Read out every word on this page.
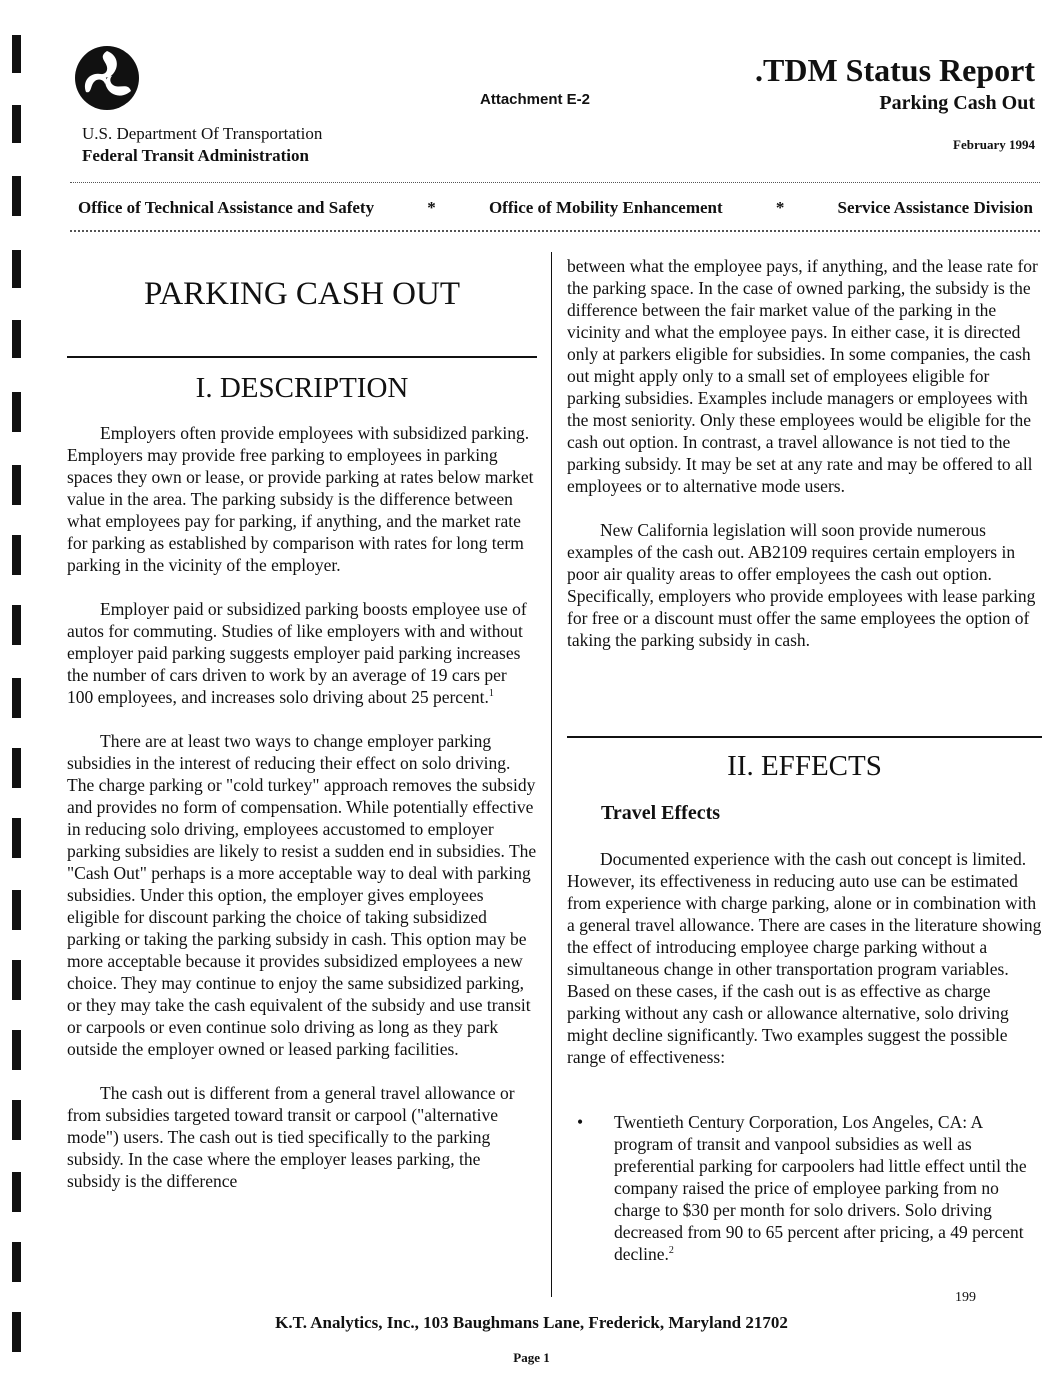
U.S. Department Of Transportation
Federal Transit Administration
Attachment E-2
.TDM Status Report
Parking Cash Out
February 1994
Office of Technical Assistance and Safety	*	Office of Mobility Enhancement	*	Service Assistance Division
PARKING CASH OUT
I. DESCRIPTION

Employers often provide employees with subsidized parking. Employers may provide free parking to employees in parking spaces they own or lease, or provide parking at rates below market value in the area. The parking subsidy is the difference between what employees pay for parking, if anything, and the market rate for parking as established by comparison with rates for long term parking in the vicinity of the employer.

Employer paid or subsidized parking boosts employee use of autos for commuting. Studies of like employers with and without employer paid parking suggests employer paid parking increases the number of cars driven to work by an average of 19 cars per 100 employees, and increases solo driving about 25 percent.$^1$

There are at least two ways to change employer parking subsidies in the interest of reducing their effect on solo driving. The charge parking or "cold turkey" approach removes the subsidy and provides no form of compensation. While potentially effective in reducing solo driving, employees accustomed to employer parking subsidies are likely to resist a sudden end in subsidies. The "Cash Out" perhaps is a more acceptable way to deal with parking subsidies. Under this option, the employer gives employees eligible for discount parking the choice of taking subsidized parking or taking the parking subsidy in cash. This option may be more acceptable because it provides subsidized employees a new choice. They may continue to enjoy the same subsidized parking, or they may take the cash equivalent of the subsidy and use transit or carpools or even continue solo driving as long as they park outside the employer owned or leased parking facilities.

The cash out is different from a general travel allowance or from subsidies targeted toward transit or carpool ("alternative mode") users. The cash out is tied specifically to the parking subsidy. In the case where the employer leases parking, the subsidy is the difference

between what the employee pays, if anything, and the lease rate for the parking space. In the case of owned parking, the subsidy is the difference between the fair market value of the parking in the vicinity and what the employee pays. In either case, it is directed only at parkers eligible for subsidies. In some companies, the cash out might apply only to a small set of employees eligible for parking subsidies. Examples include managers or employees with the most seniority. Only these employees would be eligible for the cash out option. In contrast, a travel allowance is not tied to the parking subsidy. It may be set at any rate and may be offered to all employees or to alternative mode users.

New California legislation will soon provide numerous examples of the cash out. AB2109 requires certain employers in poor air quality areas to offer employees the cash out option. Specifically, employers who provide employees with lease parking for free or a discount must offer the same employees the option of taking the parking subsidy in cash.

II. EFFECTS
Travel Effects

Documented experience with the cash out concept is limited. However, its effectiveness in reducing auto use can be estimated from experience with charge parking, alone or in combination with a general travel allowance. There are cases in the literature showing the effect of introducing employee charge parking without a simultaneous change in other transportation program variables. Based on these cases, if the cash out is as effective as charge parking without any cash or allowance alternative, solo driving might decline significantly. Two examples suggest the possible range of effectiveness:

• Twentieth Century Corporation, Los Angeles, CA: A program of transit and vanpool subsidies as well as preferential parking for carpoolers had little effect until the company raised the price of employee parking from no charge to $30 per month for solo drivers. Solo driving decreased from 90 to 65 percent after pricing, a 49 percent decline.$^2$
199
K.T. Analytics, Inc., 103 Baughmans Lane, Frederick, Maryland 21702
Page 1
